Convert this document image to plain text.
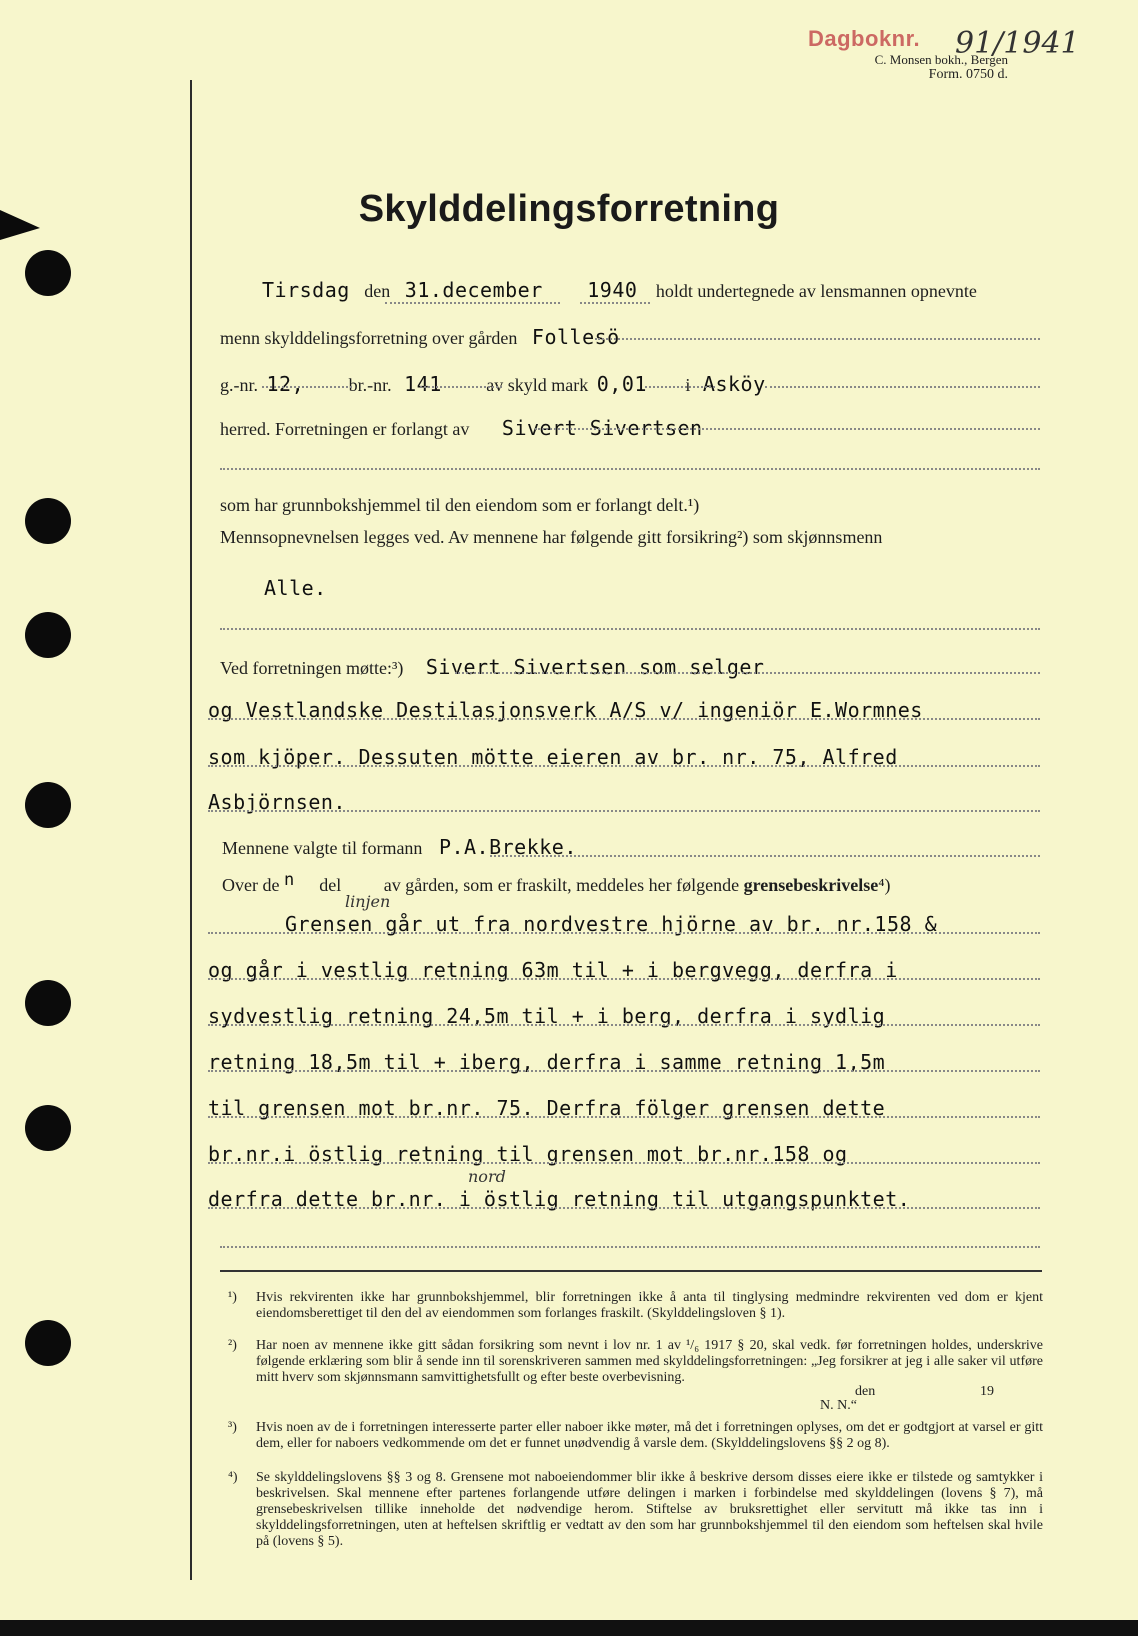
Dagboknr. 91/1941
C. Monsen bokh., Bergen
Form. 0750 d.
Skylddelingsforretning
Tirsdag den 31.december 1940 holdt undertegnede av lensmannen opnevnte
menn skylddelingsforretning over gården Follesö
g.-nr. 12, br.-nr. 141 av skyld mark 0,01 i Asköy
herred. Forretningen er forlangt av Sivert Sivertsen
som har grunnbokshjemmel til den eiendom som er forlangt delt.¹)
Mennsopnevnelsen legges ved. Av mennene har følgende gitt forsikring²) som skjønnsmenn
Alle.
Ved forretningen møtte:³) Sivert Sivertsen som selger
og Vestlandske Destilasjonsverk A/S v/ ingeniör E.Wormnes
som kjöper. Dessuten mötte eieren av br. nr. 75, Alfred
Asbjörnsen.
Mennene valgte til formann P.A.Brekke.
Over de n del av gården, som er fraskilt, meddeles her følgende grensebeskrivelse⁴)
linjen
nord
Grensen går ut fra nordvestre hjörne av br. nr.158 &
og går i vestlig retning 63m til + i bergvegg, derfra i
sydvestlig retning 24,5m til + i berg, derfra i sydlig
retning 18,5m til + iberg, derfra i samme retning 1,5m
til grensen mot br.nr. 75. Derfra fölger grensen dette
br.nr.i östlig retning til grensen mot br.nr.158 og
derfra dette br.nr. i östlig retning til utgangspunktet.
¹) Hvis rekvirenten ikke har grunnbokshjemmel, blir forretningen ikke å anta til tinglysing medmindre rekvirenten ved dom er kjent eiendomsberettiget til den del av eiendommen som forlanges fraskilt. (Skylddelingsloven § 1).
²) Har noen av mennene ikke gitt sådan forsikring som nevnt i lov nr. 1 av ¹/₆ 1917 § 20, skal vedk. før forretningen holdes, underskrive følgende erklæring som blir å sende inn til sorenskriveren sammen med skylddelingsforretningen: „Jeg forsikrer at jeg i alle saker vil utføre mitt hverv som skjønnsmann samvittighetsfullt og efter beste overbevisning.
den	19
N. N.“
³) Hvis noen av de i forretningen interesserte parter eller naboer ikke møter, må det i forretningen oplyses, om det er godtgjort at varsel er gitt dem, eller for naboers vedkommende om det er funnet unødvendig å varsle dem. (Skylddelingslovens §§ 2 og 8).
⁴) Se skylddelingslovens §§ 3 og 8. Grensene mot naboeiendommer blir ikke å beskrive dersom disses eiere ikke er tilstede og samtykker i beskrivelsen. Skal mennene efter partenes forlangende utføre delingen i marken i forbindelse med skylddelingen (lovens § 7), må grensebeskrivelsen tillike inneholde det nødvendige herom. Stiftelse av bruksrettighet eller servitutt må ikke tas inn i skylddelingsforretningen, uten at heftelsen skriftlig er vedtatt av den som har grunnbokshjemmel til den eiendom som heftelsen skal hvile på (lovens § 5).
